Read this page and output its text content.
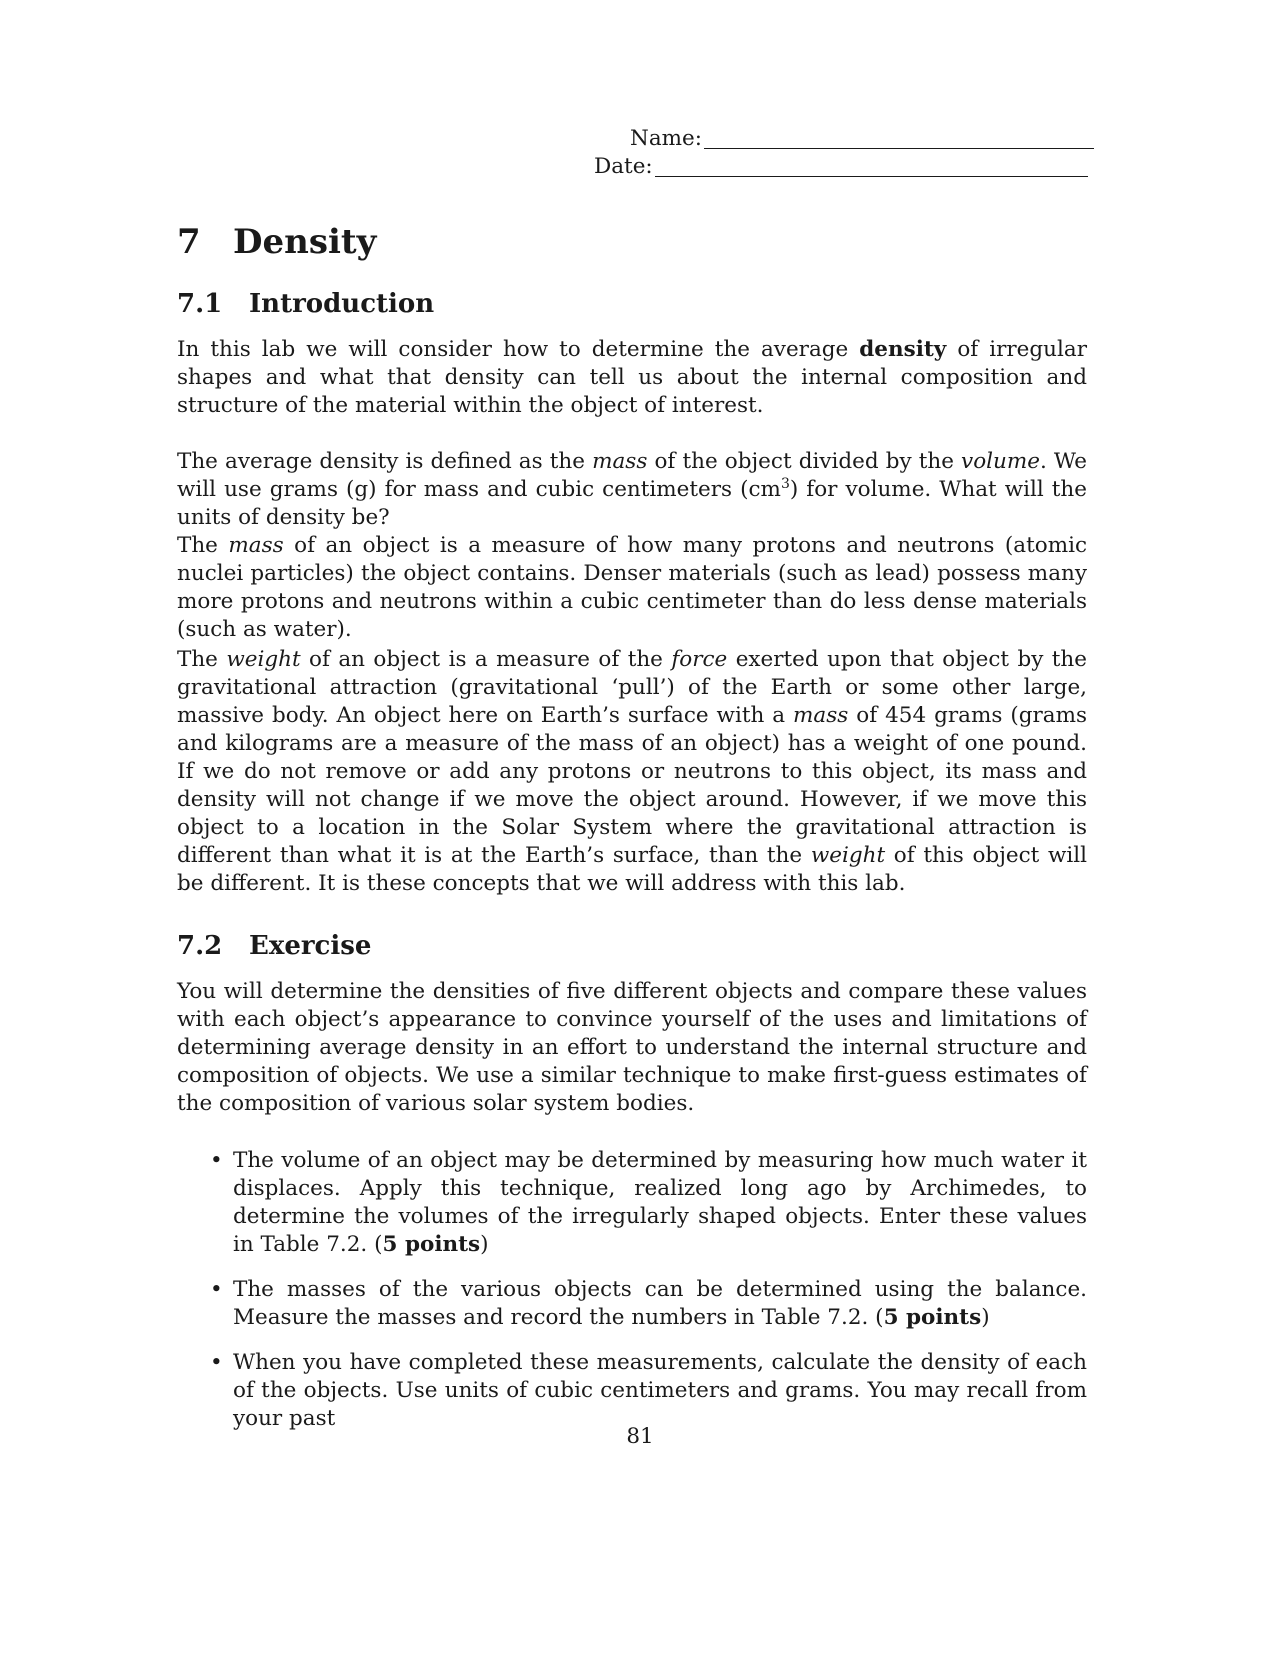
Name:
Date:
7 Density
7.1 Introduction

In this lab we will consider how to determine the average density of irregular shapes and what that density can tell us about the internal composition and structure of the material within the object of interest.

The average density is defined as the mass of the object divided by the volume. We will use grams (g) for mass and cubic centimeters $(cm^3)$ for volume. What will the units of density be?

The mass of an object is a measure of how many protons and neutrons (atomic nuclei particles) the object contains. Denser materials (such as lead) possess many more protons and neutrons within a cubic centimeter than do less dense materials (such as water).

The weight of an object is a measure of the force exerted upon that object by the gravitational attraction (gravitational ‘pull’) of the Earth or some other large, massive body. An object here on Earth’s surface with a mass of 454 grams (grams and kilograms are a measure of the mass of an object) has a weight of one pound. If we do not remove or add any protons or neutrons to this object, its mass and density will not change if we move the object around. However, if we move this object to a location in the Solar System where the gravitational attraction is different than what it is at the Earth’s surface, than the weight of this object will be different. It is these concepts that we will address with this lab.

7.2 Exercise

You will determine the densities of five different objects and compare these values with each object’s appearance to convince yourself of the uses and limitations of determining average density in an effort to understand the internal structure and composition of objects. We use a similar technique to make first-guess estimates of the composition of various solar system bodies.

• The volume of an object may be determined by measuring how much water it displaces. Apply this technique, realized long ago by Archimedes, to determine the volumes of the irregularly shaped objects. Enter these values in Table 7.2. (5 points)
• The masses of the various objects can be determined using the balance. Measure the masses and record the numbers in Table 7.2. (5 points)
• When you have completed these measurements, calculate the density of each of the objects. Use units of cubic centimeters and grams. You may recall from your past
81
